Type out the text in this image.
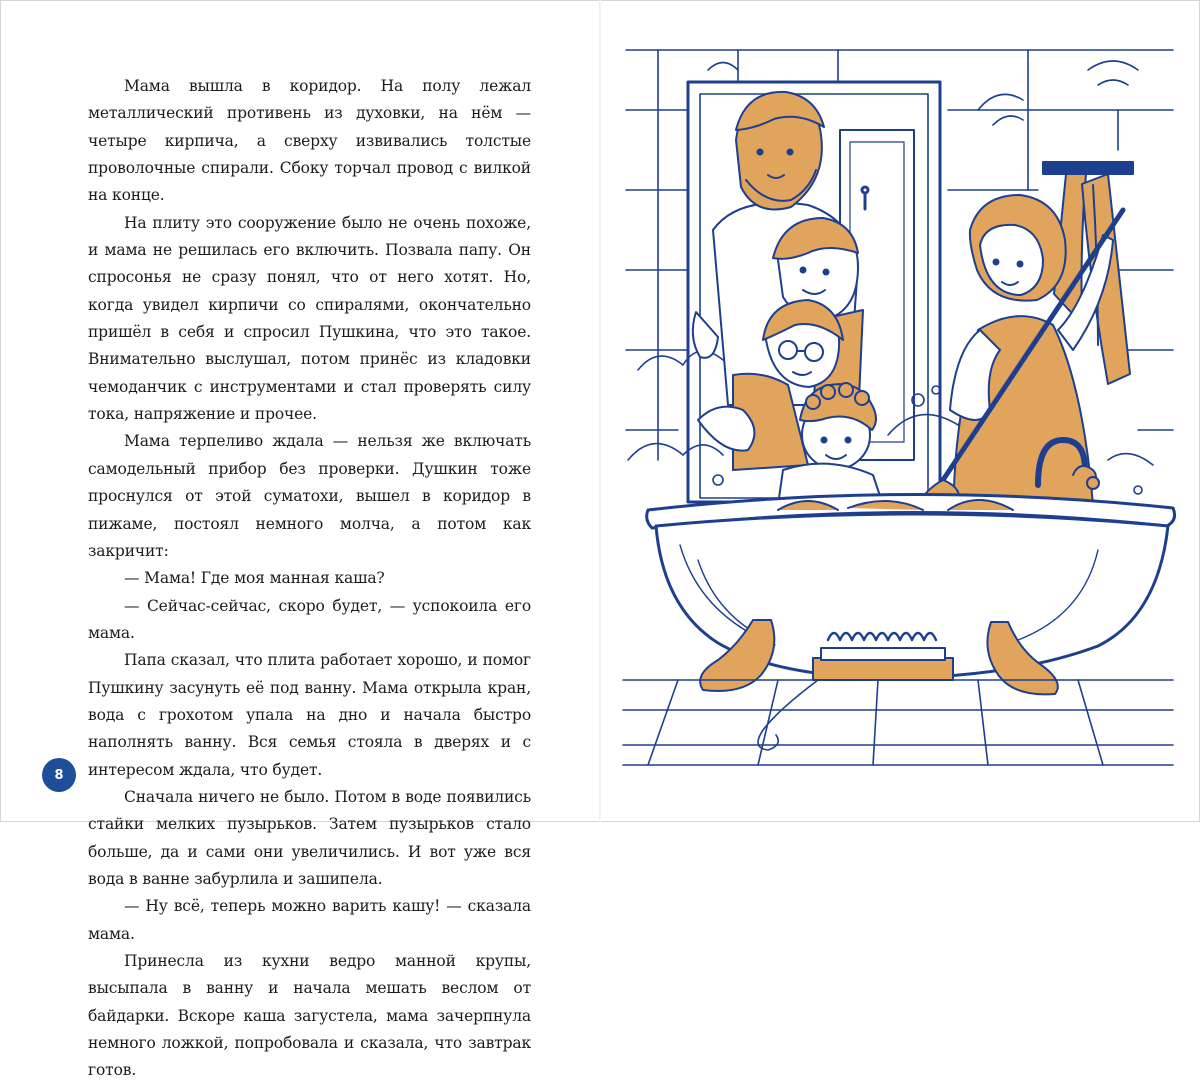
Мама вышла в коридор. На полу лежал металлический противень из духовки, на нём — четыре кирпича, а сверху извивались толстые проволочные спирали. Сбоку торчал провод с вилкой на конце.

На плиту это сооружение было не очень похоже, и мама не решилась его включить. Позвала папу. Он спросонья не сразу понял, что от него хотят. Но, когда увидел кирпичи со спиралями, окончательно пришёл в себя и спросил Пушкина, что это такое. Внимательно выслушал, потом принёс из кладовки чемоданчик с инструментами и стал проверять силу тока, напряжение и прочее.

Мама терпеливо ждала — нельзя же включать самодельный прибор без проверки. Душкин тоже проснулся от этой суматохи, вышел в коридор в пижаме, постоял немного молча, а потом как закричит:

— Мама! Где моя манная каша?

— Сейчас-сейчас, скоро будет, — успокоила его мама.

Папа сказал, что плита работает хорошо, и помог Пушкину засунуть её под ванну. Мама открыла кран, вода с грохотом упала на дно и начала быстро наполнять ванну. Вся семья стояла в дверях и с интересом ждала, что будет.

Сначала ничего не было. Потом в воде появились стайки мелких пузырьков. Затем пузырьков стало больше, да и сами они увеличились. И вот уже вся вода в ванне забурлила и зашипела.

— Ну всё, теперь можно варить кашу! — сказала мама.

Принесла из кухни ведро манной крупы, высыпала в ванну и начала мешать веслом от байдарки. Вскоре каша загустела, мама зачерпнула немного ложкой, попробовала и сказала, что завтрак готов.

8
